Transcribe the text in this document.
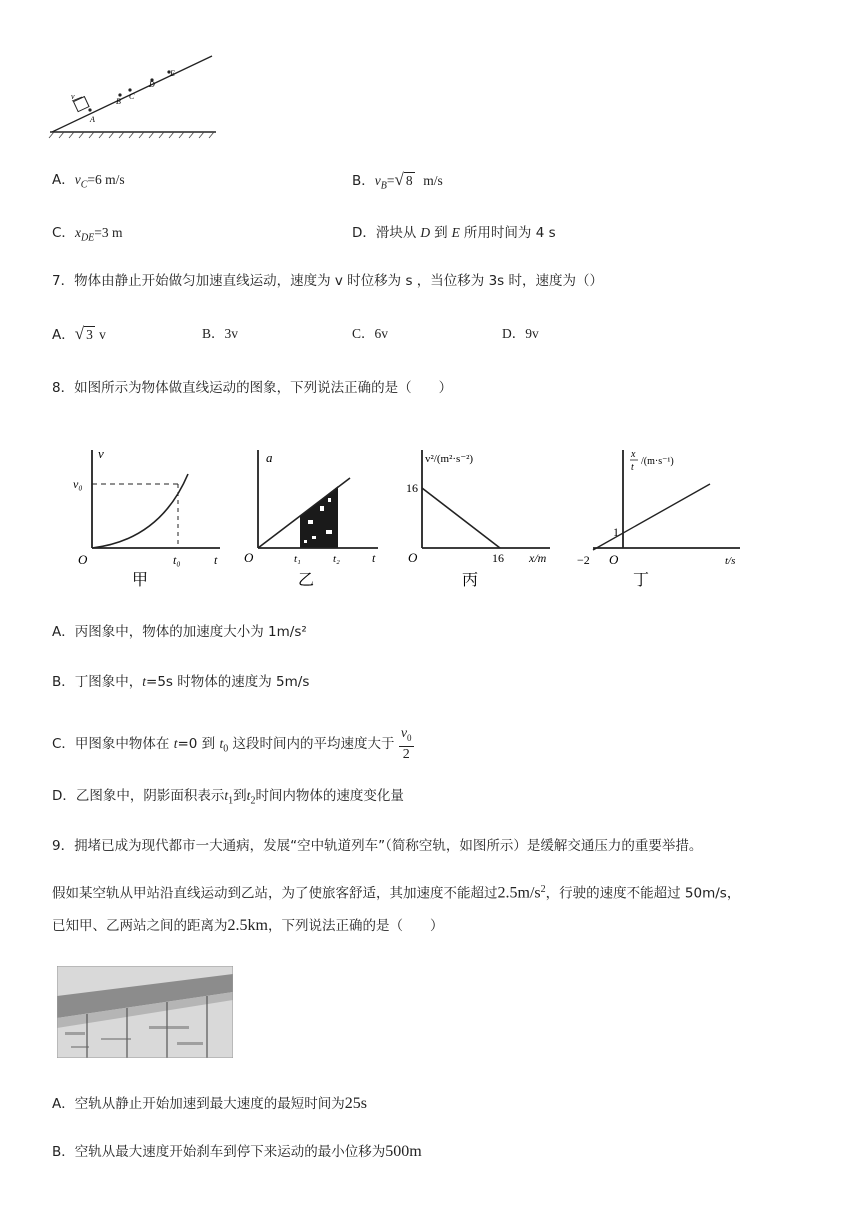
v
A
B
C
D
E
A．$v_C=6$ m/s	B．$v_B=√$ 8 m/s
C．$x_{DE}=3$ m	D．滑块从 D 到 E 所用时间为 4 s
7．物体由静止开始做匀加速直线运动，速度为 v 时位移为 s ，当位移为 3s 时，速度为（）
A．√ 3 v	B．3v	C．6v	D．9v
8．如图所示为物体做直线运动的图象，下列说法正确的是（　　）
v
v₀
t₀	t
O
甲
a
t₁	t₂	t
O
乙
v²/(m²·s⁻²)
16
16 x/m
O
丙
x
t
/(m·s⁻¹)
1
−2	t/s
O
丁
A．丙图象中，物体的加速度大小为 1m/s²
B．丁图象中，t=5s 时物体的速度为 5m/s
C．甲图象中物体在 t=0 到 $t_0$ 这段时间内的平均速度大于 $\frac{v_0}{2}$
D．乙图象中，阴影面积表示$t_1$到$t_2$时间内物体的速度变化量
9．拥堵已成为现代都市一大通病，发展“空中轨道列车”（简称空轨，如图所示）是缓解交通压力的重要举措。
假如某空轨从甲站沿直线运动到乙站，为了使旅客舒适，其加速度不能超过$2.5m/s^2$，行驶的速度不能超过 50m/s，
已知甲、乙两站之间的距离为2.5km，下列说法正确的是（　　）
A．空轨从静止开始加速到最大速度的最短时间为25s
B．空轨从最大速度开始刹车到停下来运动的最小位移为500m
